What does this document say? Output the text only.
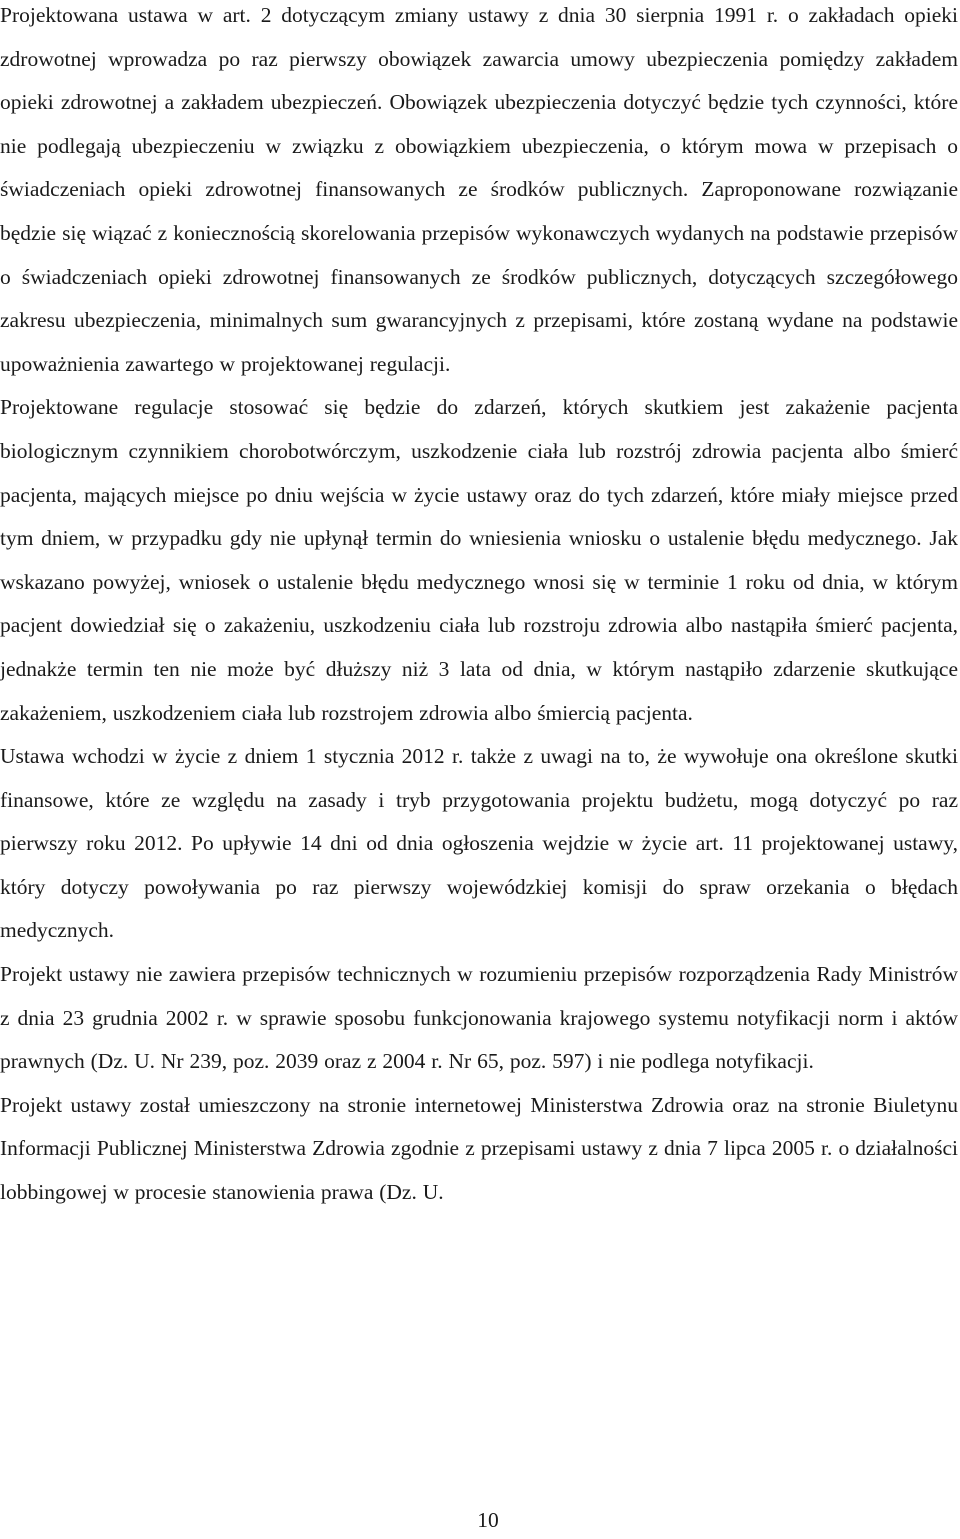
Projektowana ustawa w art. 2 dotyczącym zmiany ustawy z dnia 30 sierpnia 1991 r. o zakładach opieki zdrowotnej wprowadza po raz pierwszy obowiązek zawarcia umowy ubezpieczenia pomiędzy zakładem opieki zdrowotnej a zakładem ubezpieczeń. Obowiązek ubezpieczenia dotyczyć będzie tych czynności, które nie podlegają ubezpieczeniu w związku z obowiązkiem ubezpieczenia, o którym mowa w przepisach o świadczeniach opieki zdrowotnej finansowanych ze środków publicznych. Zaproponowane rozwiązanie będzie się wiązać z koniecznością skorelowania przepisów wykonawczych wydanych na podstawie przepisów o świadczeniach opieki zdrowotnej finansowanych ze środków publicznych, dotyczących szczegółowego zakresu ubezpieczenia, minimalnych sum gwarancyjnych z przepisami, które zostaną wydane na podstawie upoważnienia zawartego w projektowanej regulacji.

Projektowane regulacje stosować się będzie do zdarzeń, których skutkiem jest zakażenie pacjenta biologicznym czynnikiem chorobotwórczym, uszkodzenie ciała lub rozstrój zdrowia pacjenta albo śmierć pacjenta, mających miejsce po dniu wejścia w życie ustawy oraz do tych zdarzeń, które miały miejsce przed tym dniem, w przypadku gdy nie upłynął termin do wniesienia wniosku o ustalenie błędu medycznego. Jak wskazano powyżej, wniosek o ustalenie błędu medycznego wnosi się w terminie 1 roku od dnia, w którym pacjent dowiedział się o zakażeniu, uszkodzeniu ciała lub rozstroju zdrowia albo nastąpiła śmierć pacjenta, jednakże termin ten nie może być dłuższy niż 3 lata od dnia, w którym nastąpiło zdarzenie skutkujące zakażeniem, uszkodzeniem ciała lub rozstrojem zdrowia albo śmiercią pacjenta.

Ustawa wchodzi w życie z dniem 1 stycznia 2012 r. także z uwagi na to, że wywołuje ona określone skutki finansowe, które ze względu na zasady i tryb przygotowania projektu budżetu, mogą dotyczyć po raz pierwszy roku 2012. Po upływie 14 dni od dnia ogłoszenia wejdzie w życie art. 11 projektowanej ustawy, który dotyczy powoływania po raz pierwszy wojewódzkiej komisji do spraw orzekania o błędach medycznych.

Projekt ustawy nie zawiera przepisów technicznych w rozumieniu przepisów rozporządzenia Rady Ministrów z dnia 23 grudnia 2002 r. w sprawie sposobu funkcjonowania krajowego systemu notyfikacji norm i aktów prawnych (Dz. U. Nr 239, poz. 2039 oraz z 2004 r. Nr 65, poz. 597) i nie podlega notyfikacji.

Projekt ustawy został umieszczony na stronie internetowej Ministerstwa Zdrowia oraz na stronie Biuletynu Informacji Publicznej Ministerstwa Zdrowia zgodnie z przepisami ustawy z dnia 7 lipca 2005 r. o działalności lobbingowej w procesie stanowienia prawa (Dz. U.

10
